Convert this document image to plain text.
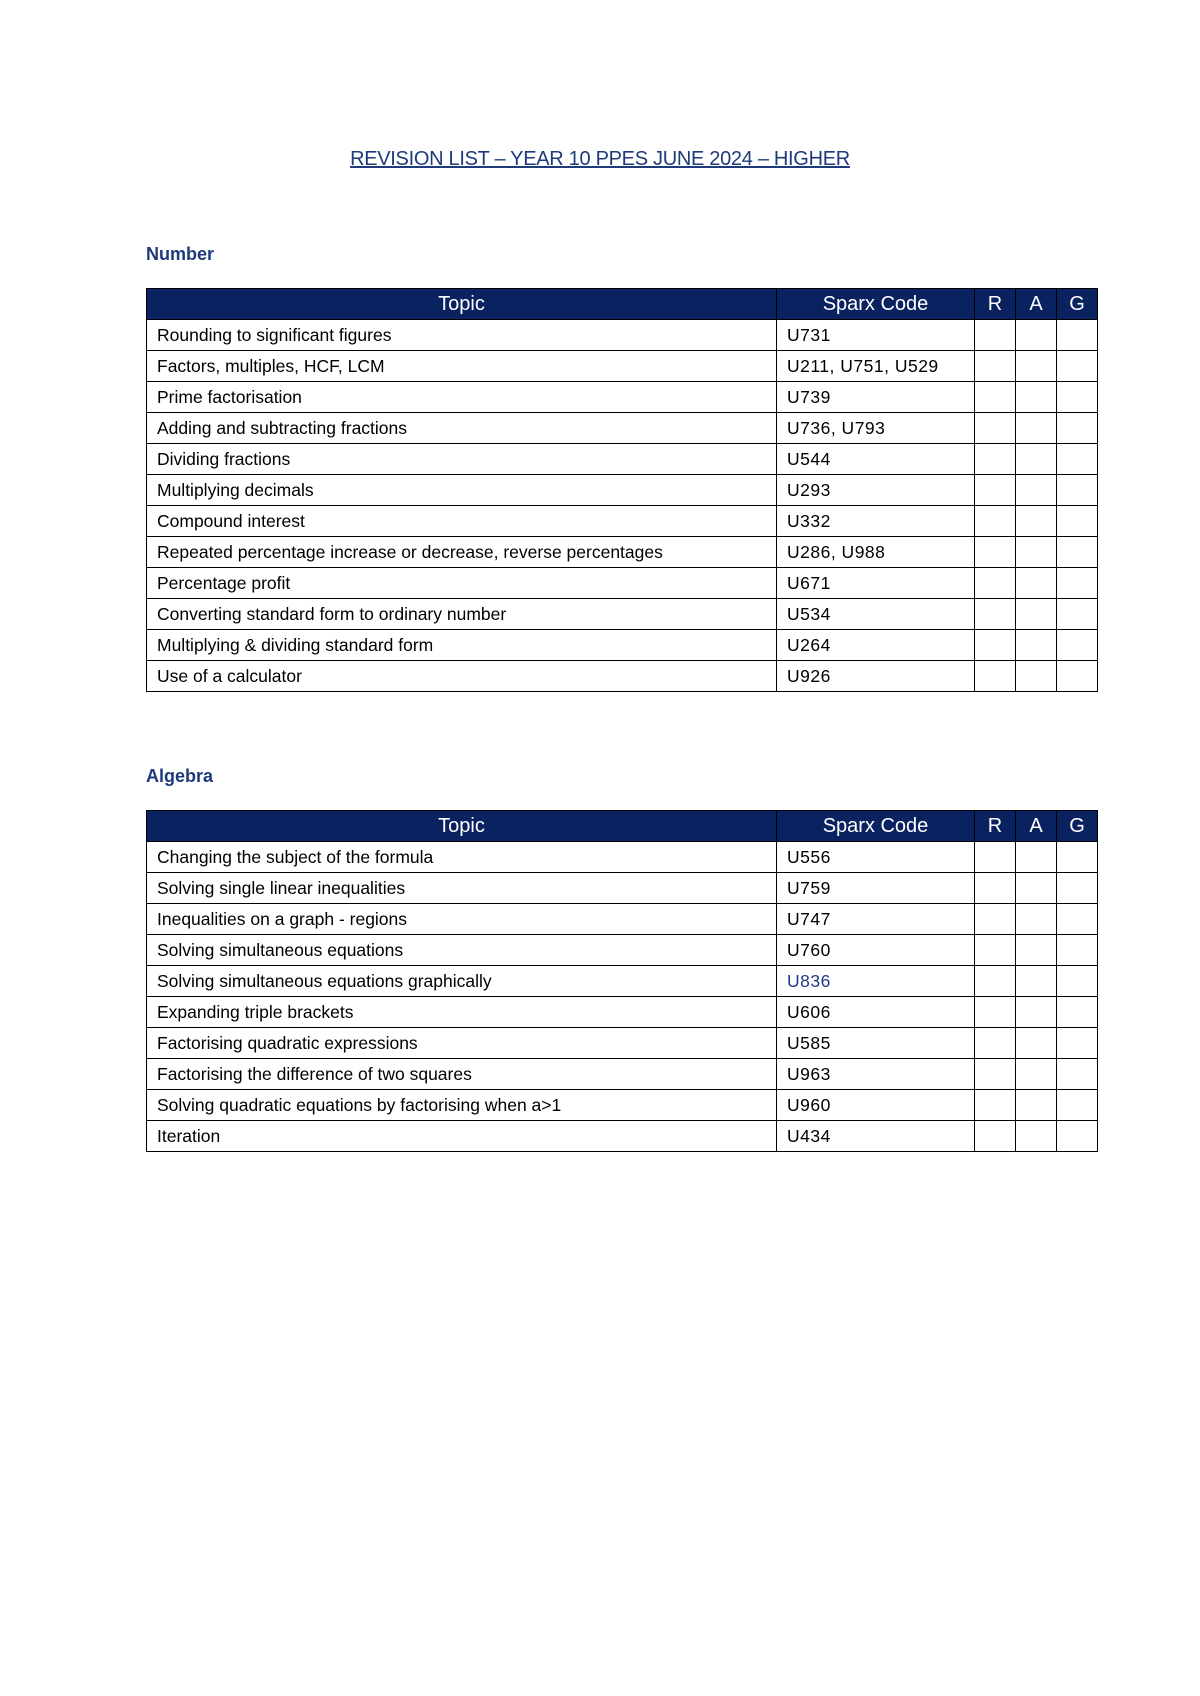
REVISION LIST – YEAR 10 PPES JUNE 2024 – HIGHER
Number
Topic	Sparx Code	R	A	G
Rounding to significant figures	U731			
Factors, multiples, HCF, LCM	U211, U751, U529			
Prime factorisation	U739			
Adding and subtracting fractions	U736, U793			
Dividing fractions	U544			
Multiplying decimals	U293			
Compound interest	U332			
Repeated percentage increase or decrease, reverse percentages	U286, U988			
Percentage profit	U671			
Converting standard form to ordinary number	U534			
Multiplying & dividing standard form	U264			
Use of a calculator	U926			
Algebra
Topic	Sparx Code	R	A	G
Changing the subject of the formula	U556			
Solving single linear inequalities	U759			
Inequalities on a graph - regions	U747			
Solving simultaneous equations	U760			
Solving simultaneous equations graphically	U836			
Expanding triple brackets	U606			
Factorising quadratic expressions	U585			
Factorising the difference of two squares	U963			
Solving quadratic equations by factorising when a>1	U960			
Iteration	U434			
